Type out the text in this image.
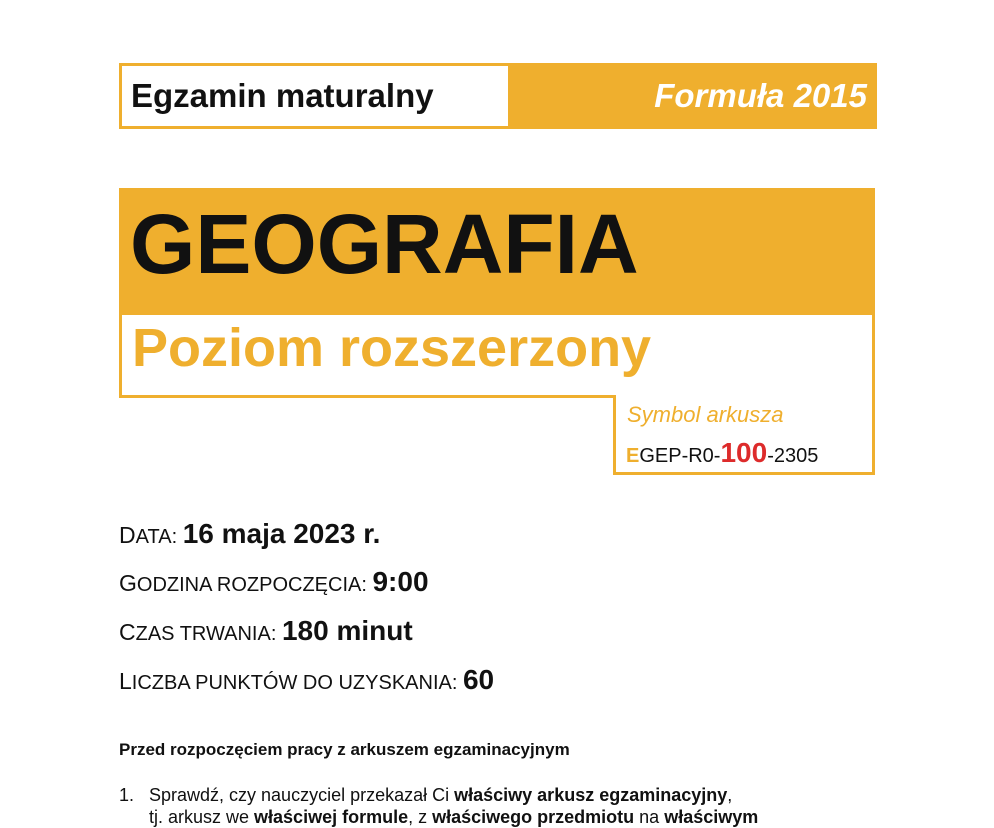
Egzamin maturalny	Formuła 2015
GEOGRAFIA
Poziom rozszerzony
Symbol arkusza
EGEP-R0-100-2305
DATA: 16 maja 2023 r.
GODZINA ROZPOCZĘCIA: 9:00
CZAS TRWANIA: 180 minut
LICZBA PUNKTÓW DO UZYSKANIA: 60
Przed rozpoczęciem pracy z arkuszem egzaminacyjnym
1. Sprawdź, czy nauczyciel przekazał Ci właściwy arkusz egzaminacyjny,
tj. arkusz we właściwej formule, z właściwego przedmiotu na właściwym
